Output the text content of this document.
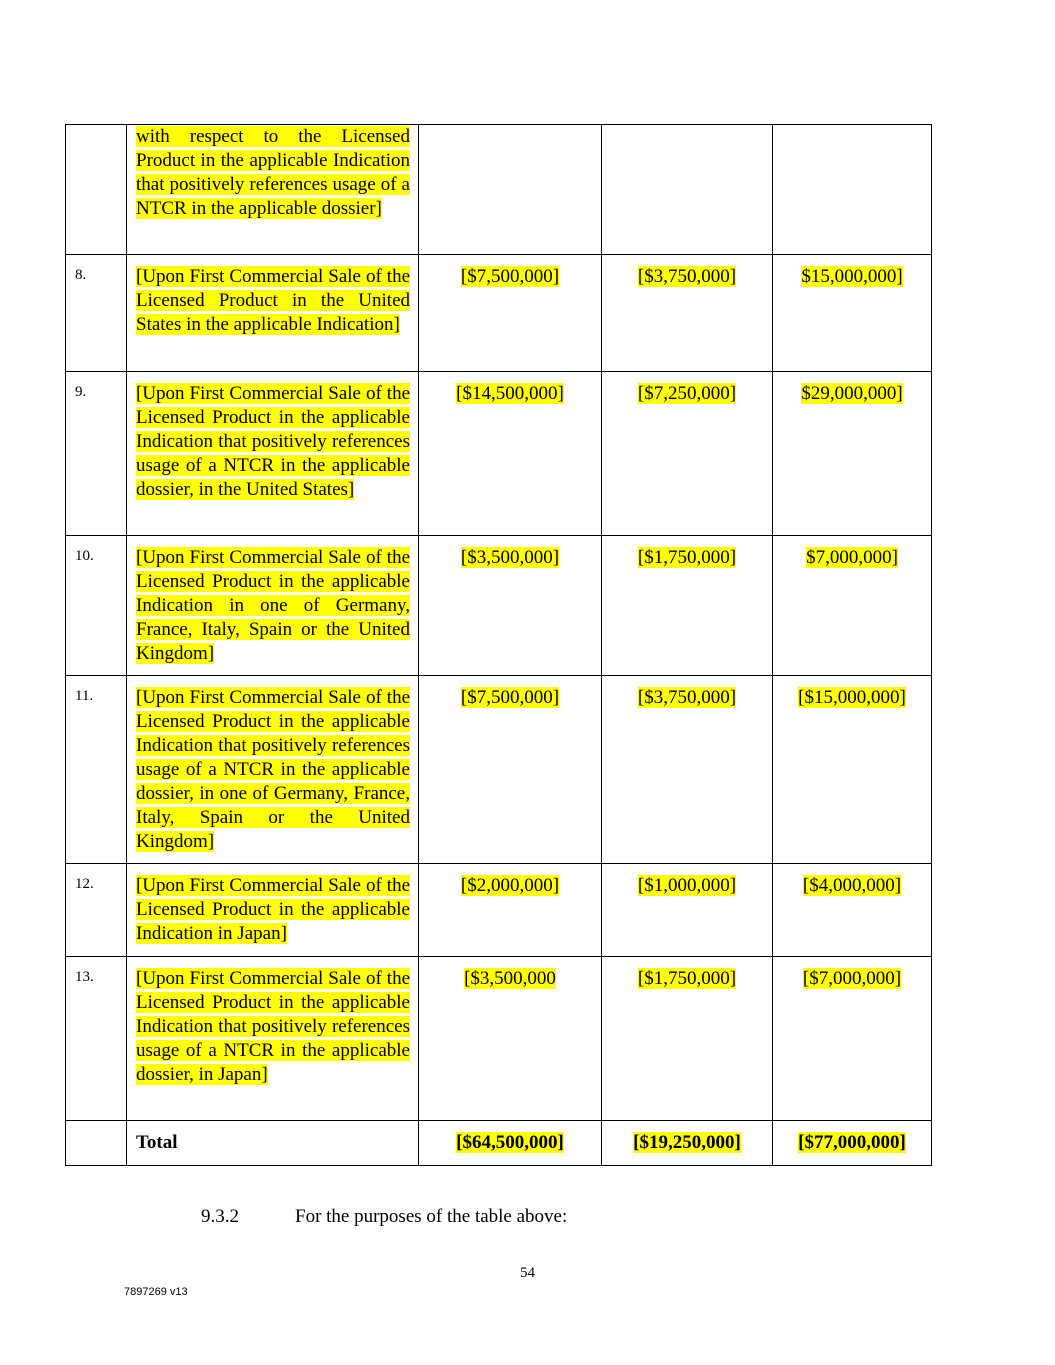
	with respect to the Licensed Product in the applicable Indication that positively references usage of a NTCR in the applicable dossier]			

8.	[Upon First Commercial Sale of the Licensed Product in the United States in the applicable Indication]	[$7,500,000]	[$3,750,000]	$15,000,000]
9.	[Upon First Commercial Sale of the Licensed Product in the applicable Indication that positively references usage of a NTCR in the applicable dossier, in the United States]	[$14,500,000]	[$7,250,000]	$29,000,000]
10.	[Upon First Commercial Sale of the Licensed Product in the applicable Indication in one of Germany, France, Italy, Spain or the United Kingdom]	[$3,500,000]	[$1,750,000]	$7,000,000]
11.	[Upon First Commercial Sale of the Licensed Product in the applicable Indication that positively references usage of a NTCR in the applicable dossier, in one of Germany, France, Italy, Spain or the United Kingdom]	[$7,500,000]	[$3,750,000]	[$15,000,000]
12.	[Upon First Commercial Sale of the Licensed Product in the applicable Indication in Japan]	[$2,000,000]	[$1,000,000]	[$4,000,000]
13.	[Upon First Commercial Sale of the Licensed Product in the applicable Indication that positively references usage of a NTCR in the applicable dossier, in Japan]	[$3,500,000	[$1,750,000]	[$7,000,000]
	Total	[$64,500,000]	[$19,250,000]	[$77,000,000]
9.3.2	For the purposes of the table above:
54
7897269 v13
